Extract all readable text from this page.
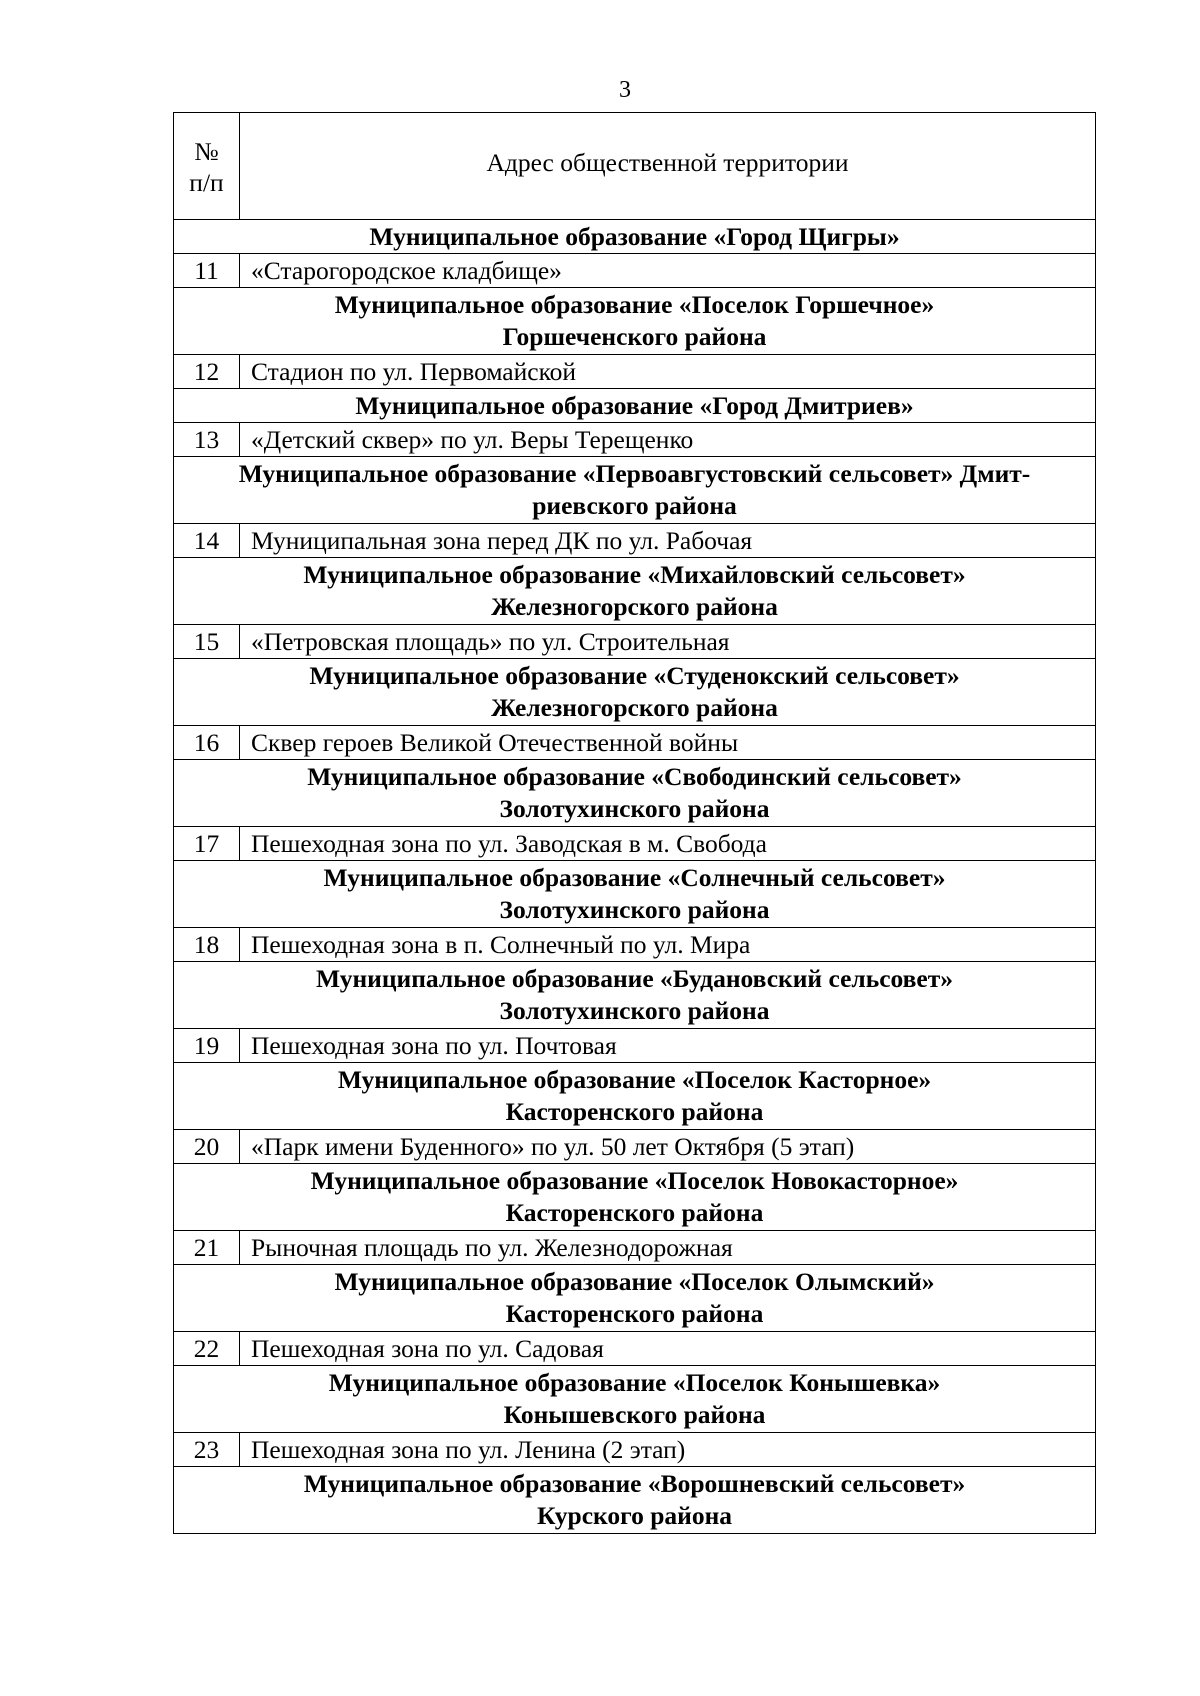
3
№
п/п	Адрес общественной территории

Муниципальное образование «Город Щигры»	

11	«Старогородское кладбище»

Муниципальное образование «Поселок Горшечное»
Горшеченского района	

12	Стадион по ул. Первомайской

Муниципальное образование «Город Дмитриев»	

13	«Детский сквер» по ул. Веры Терещенко

Муниципальное образование «Первоавгустовский сельсовет» Дмит-
риевского района	

14	Муниципальная зона перед ДК по ул. Рабочая

Муниципальное образование «Михайловский сельсовет»
Железногорского района	

15	«Петровская площадь» по ул. Строительная

Муниципальное образование «Студенокский сельсовет»
Железногорского района	

16	Сквер героев Великой Отечественной войны

Муниципальное образование «Свободинский сельсовет»
Золотухинского района	

17	Пешеходная зона по ул. Заводская в м. Свобода

Муниципальное образование «Солнечный сельсовет»
Золотухинского района	

18	Пешеходная зона в п. Солнечный по ул. Мира

Муниципальное образование «Будановский сельсовет»
Золотухинского района	

19	Пешеходная зона по ул. Почтовая

Муниципальное образование «Поселок Касторное»
Касторенского района	

20	«Парк имени Буденного» по ул. 50 лет Октября (5 этап)

Муниципальное образование «Поселок Новокасторное»
Касторенского района	

21	Рыночная площадь по ул. Железнодорожная

Муниципальное образование «Поселок Олымский»
Касторенского района	

22	Пешеходная зона по ул. Садовая

Муниципальное образование «Поселок Конышевка»
Конышевского района	

23	Пешеходная зона по ул. Ленина (2 этап)

Муниципальное образование «Ворошневский сельсовет»
Курского района	
